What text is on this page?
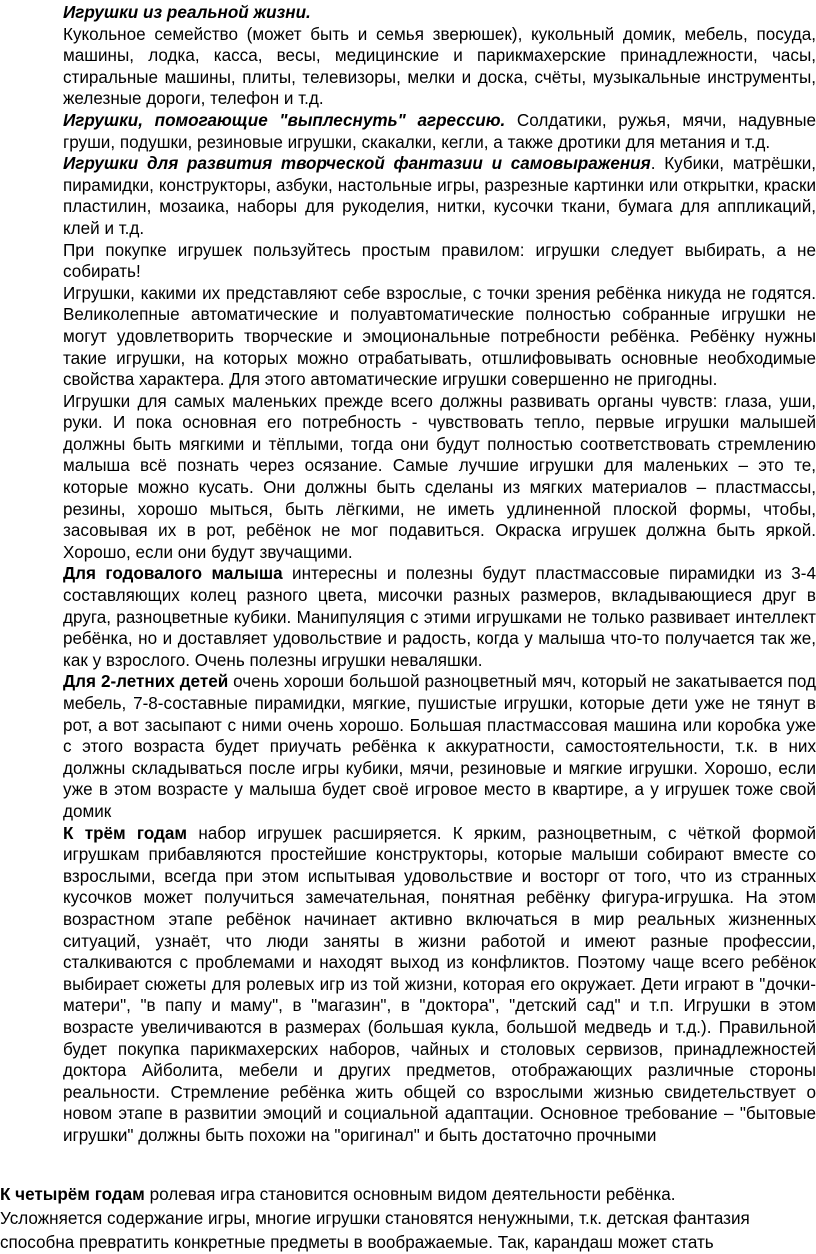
Игрушки из реальной жизни.
Кукольное семейство (может быть и семья зверюшек), кукольный домик, мебель, посуда, машины, лодка, касса, весы, медицинские и парикмахерские принадлежности, часы, стиральные машины, плиты, телевизоры, мелки и доска, счёты, музыкальные инструменты, железные дороги, телефон и т.д.

Игрушки, помогающие "выплеснуть" агрессию. Солдатики, ружья, мячи, надувные груши, подушки, резиновые игрушки, скакалки, кегли, а также дротики для метания и т.д.

Игрушки для развития творческой фантазии и самовыражения. Кубики, матрёшки, пирамидки, конструкторы, азбуки, настольные игры, разрезные картинки или открытки, краски пластилин, мозаика, наборы для рукоделия, нитки, кусочки ткани, бумага для аппликаций, клей и т.д.

При покупке игрушек пользуйтесь простым правилом: игрушки следует выбирать, а не собирать!

Игрушки, какими их представляют себе взрослые, с точки зрения ребёнка никуда не годятся. Великолепные автоматические и полуавтоматические полностью собранные игрушки не могут удовлетворить творческие и эмоциональные потребности ребёнка. Ребёнку нужны такие игрушки, на которых можно отрабатывать, отшлифовывать основные необходимые свойства характера. Для этого автоматические игрушки совершенно не пригодны.

Игрушки для самых маленьких прежде всего должны развивать органы чувств: глаза, уши, руки. И пока основная его потребность - чувствовать тепло, первые игрушки малышей должны быть мягкими и тёплыми, тогда они будут полностью соответствовать стремлению малыша всё познать через осязание. Самые лучшие игрушки для маленьких – это те, которые можно кусать. Они должны быть сделаны из мягких материалов – пластмассы, резины, хорошо мыться, быть лёгкими, не иметь удлиненной плоской формы, чтобы, засовывая их в рот, ребёнок не мог подавиться. Окраска игрушек должна быть яркой. Хорошо, если они будут звучащими.

Для годовалого малыша интересны и полезны будут пластмассовые пирамидки из 3-4 составляющих колец разного цвета, мисочки разных размеров, вкладывающиеся друг в друга, разноцветные кубики. Манипуляция с этими игрушками не только развивает интеллект ребёнка, но и доставляет удовольствие и радость, когда у малыша что-то получается так же, как у взрослого. Очень полезны игрушки неваляшки.

Для 2-летних детей очень хороши большой разноцветный мяч, который не закатывается под мебель, 7-8-составные пирамидки, мягкие, пушистые игрушки, которые дети уже не тянут в рот, а вот засыпают с ними очень хорошо. Большая пластмассовая машина или коробка уже с этого возраста будет приучать ребёнка к аккуратности, самостоятельности, т.к. в них должны складываться после игры кубики, мячи, резиновые и мягкие игрушки. Хорошо, если уже в этом возрасте у малыша будет своё игровое место в квартире, а у игрушек тоже свой домик

К трём годам набор игрушек расширяется. К ярким, разноцветным, с чёткой формой игрушкам прибавляются простейшие конструкторы, которые малыши собирают вместе со взрослыми, всегда при этом испытывая удовольствие и восторг от того, что из странных кусочков может получиться замечательная, понятная ребёнку фигура-игрушка. На этом возрастном этапе ребёнок начинает активно включаться в мир реальных жизненных ситуаций, узнаёт, что люди заняты в жизни работой и имеют разные профессии, сталкиваются с проблемами и находят выход из конфликтов. Поэтому чаще всего ребёнок выбирает сюжеты для ролевых игр из той жизни, которая его окружает. Дети играют в "дочки-матери", "в папу и маму", в "магазин", в "доктора", "детский сад" и т.п. Игрушки в этом возрасте увеличиваются в размерах (большая кукла, большой медведь и т.д.). Правильной будет покупка парикмахерских наборов, чайных и столовых сервизов, принадлежностей доктора Айболита, мебели и других предметов, отображающих различные стороны реальности. Стремление ребёнка жить общей со взрослыми жизнью свидетельствует о новом этапе в развитии эмоций и социальной адаптации. Основное требование – "бытовые игрушки" должны быть похожи на "оригинал" и быть достаточно прочными

К четырём годам ролевая игра становится основным видом деятельности ребёнка.

Усложняется содержание игры, многие игрушки становятся ненужными, т.к. детская фантазия

способна превратить конкретные предметы в воображаемые. Так, карандаш может стать
